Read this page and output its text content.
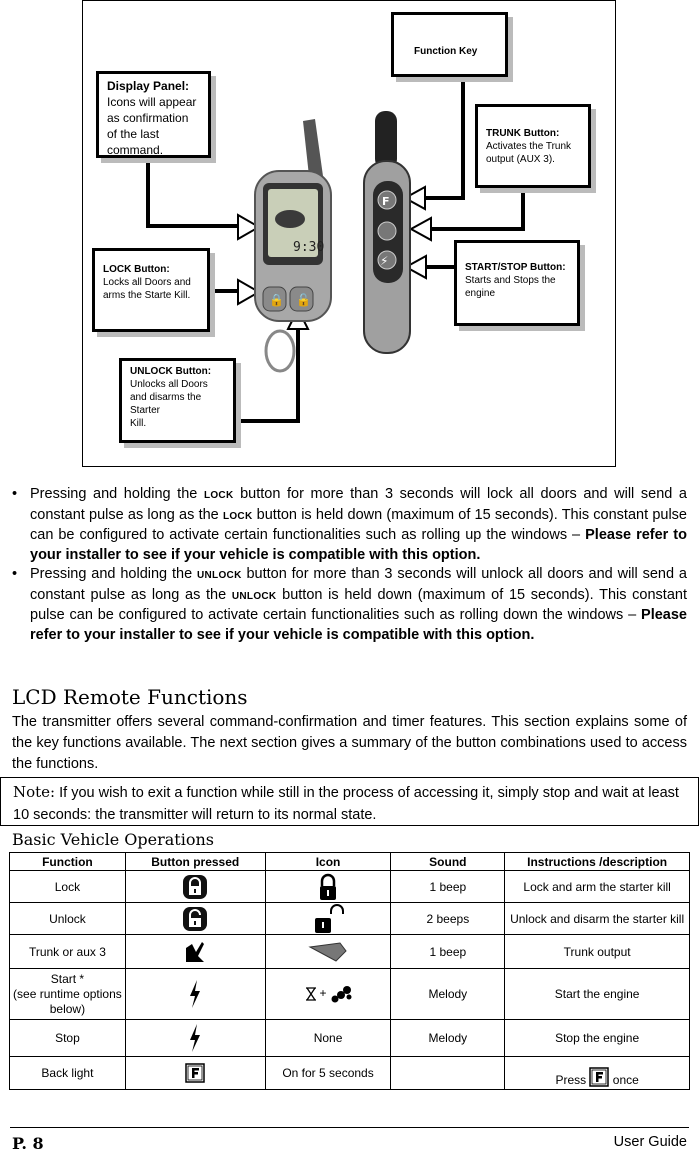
9:30
🔒 🔓
F
⚡
Display Panel:
Icons will appear
as confirmation
of the last
command.
Function Key
TRUNK Button:
Activates the Trunk
output (AUX 3).
LOCK Button:
Locks all Doors and
arms the Starte Kill.
START/STOP Button:
Starts and Stops the
engine
UNLOCK Button:
Unlocks all Doors
and disarms the Starter
Kill.
• Pressing and holding the LOCK button for more than 3 seconds will lock all doors and will send a constant pulse as long as the LOCK button is held down (maximum of 15 seconds). This constant pulse can be configured to activate certain functionalities such as rolling up the windows – Please refer to your installer to see if your vehicle is compatible with this option.
• Pressing and holding the UNLOCK button for more than 3 seconds will unlock all doors and will send a constant pulse as long as the UNLOCK button is held down (maximum of 15 seconds). This constant pulse can be configured to activate certain functionalities such as rolling down the windows – Please refer to your installer to see if your vehicle is compatible with this option.
LCD Remote Functions
The transmitter offers several command-confirmation and timer features. This section explains some of the key functions available. The next section gives a summary of the button combinations used to access the functions.
Note: If you wish to exit a function while still in the process of accessing it, simply stop and wait at least 10 seconds: the transmitter will return to its normal state.
Basic Vehicle Operations
Function	Button pressed	Icon	Sound	Instructions /description
Lock			1 beep	Lock and arm the starter kill
Unlock			2 beeps	Unlock and disarm the starter kill
Trunk or aux 3			1 beep	Trunk output

Start *
(see runtime options
below)		+	Melody	Start the engine
Stop		None	Melody	Stop the engine
Back light		On for 5 seconds		Press  once
P. 8	User Guide
